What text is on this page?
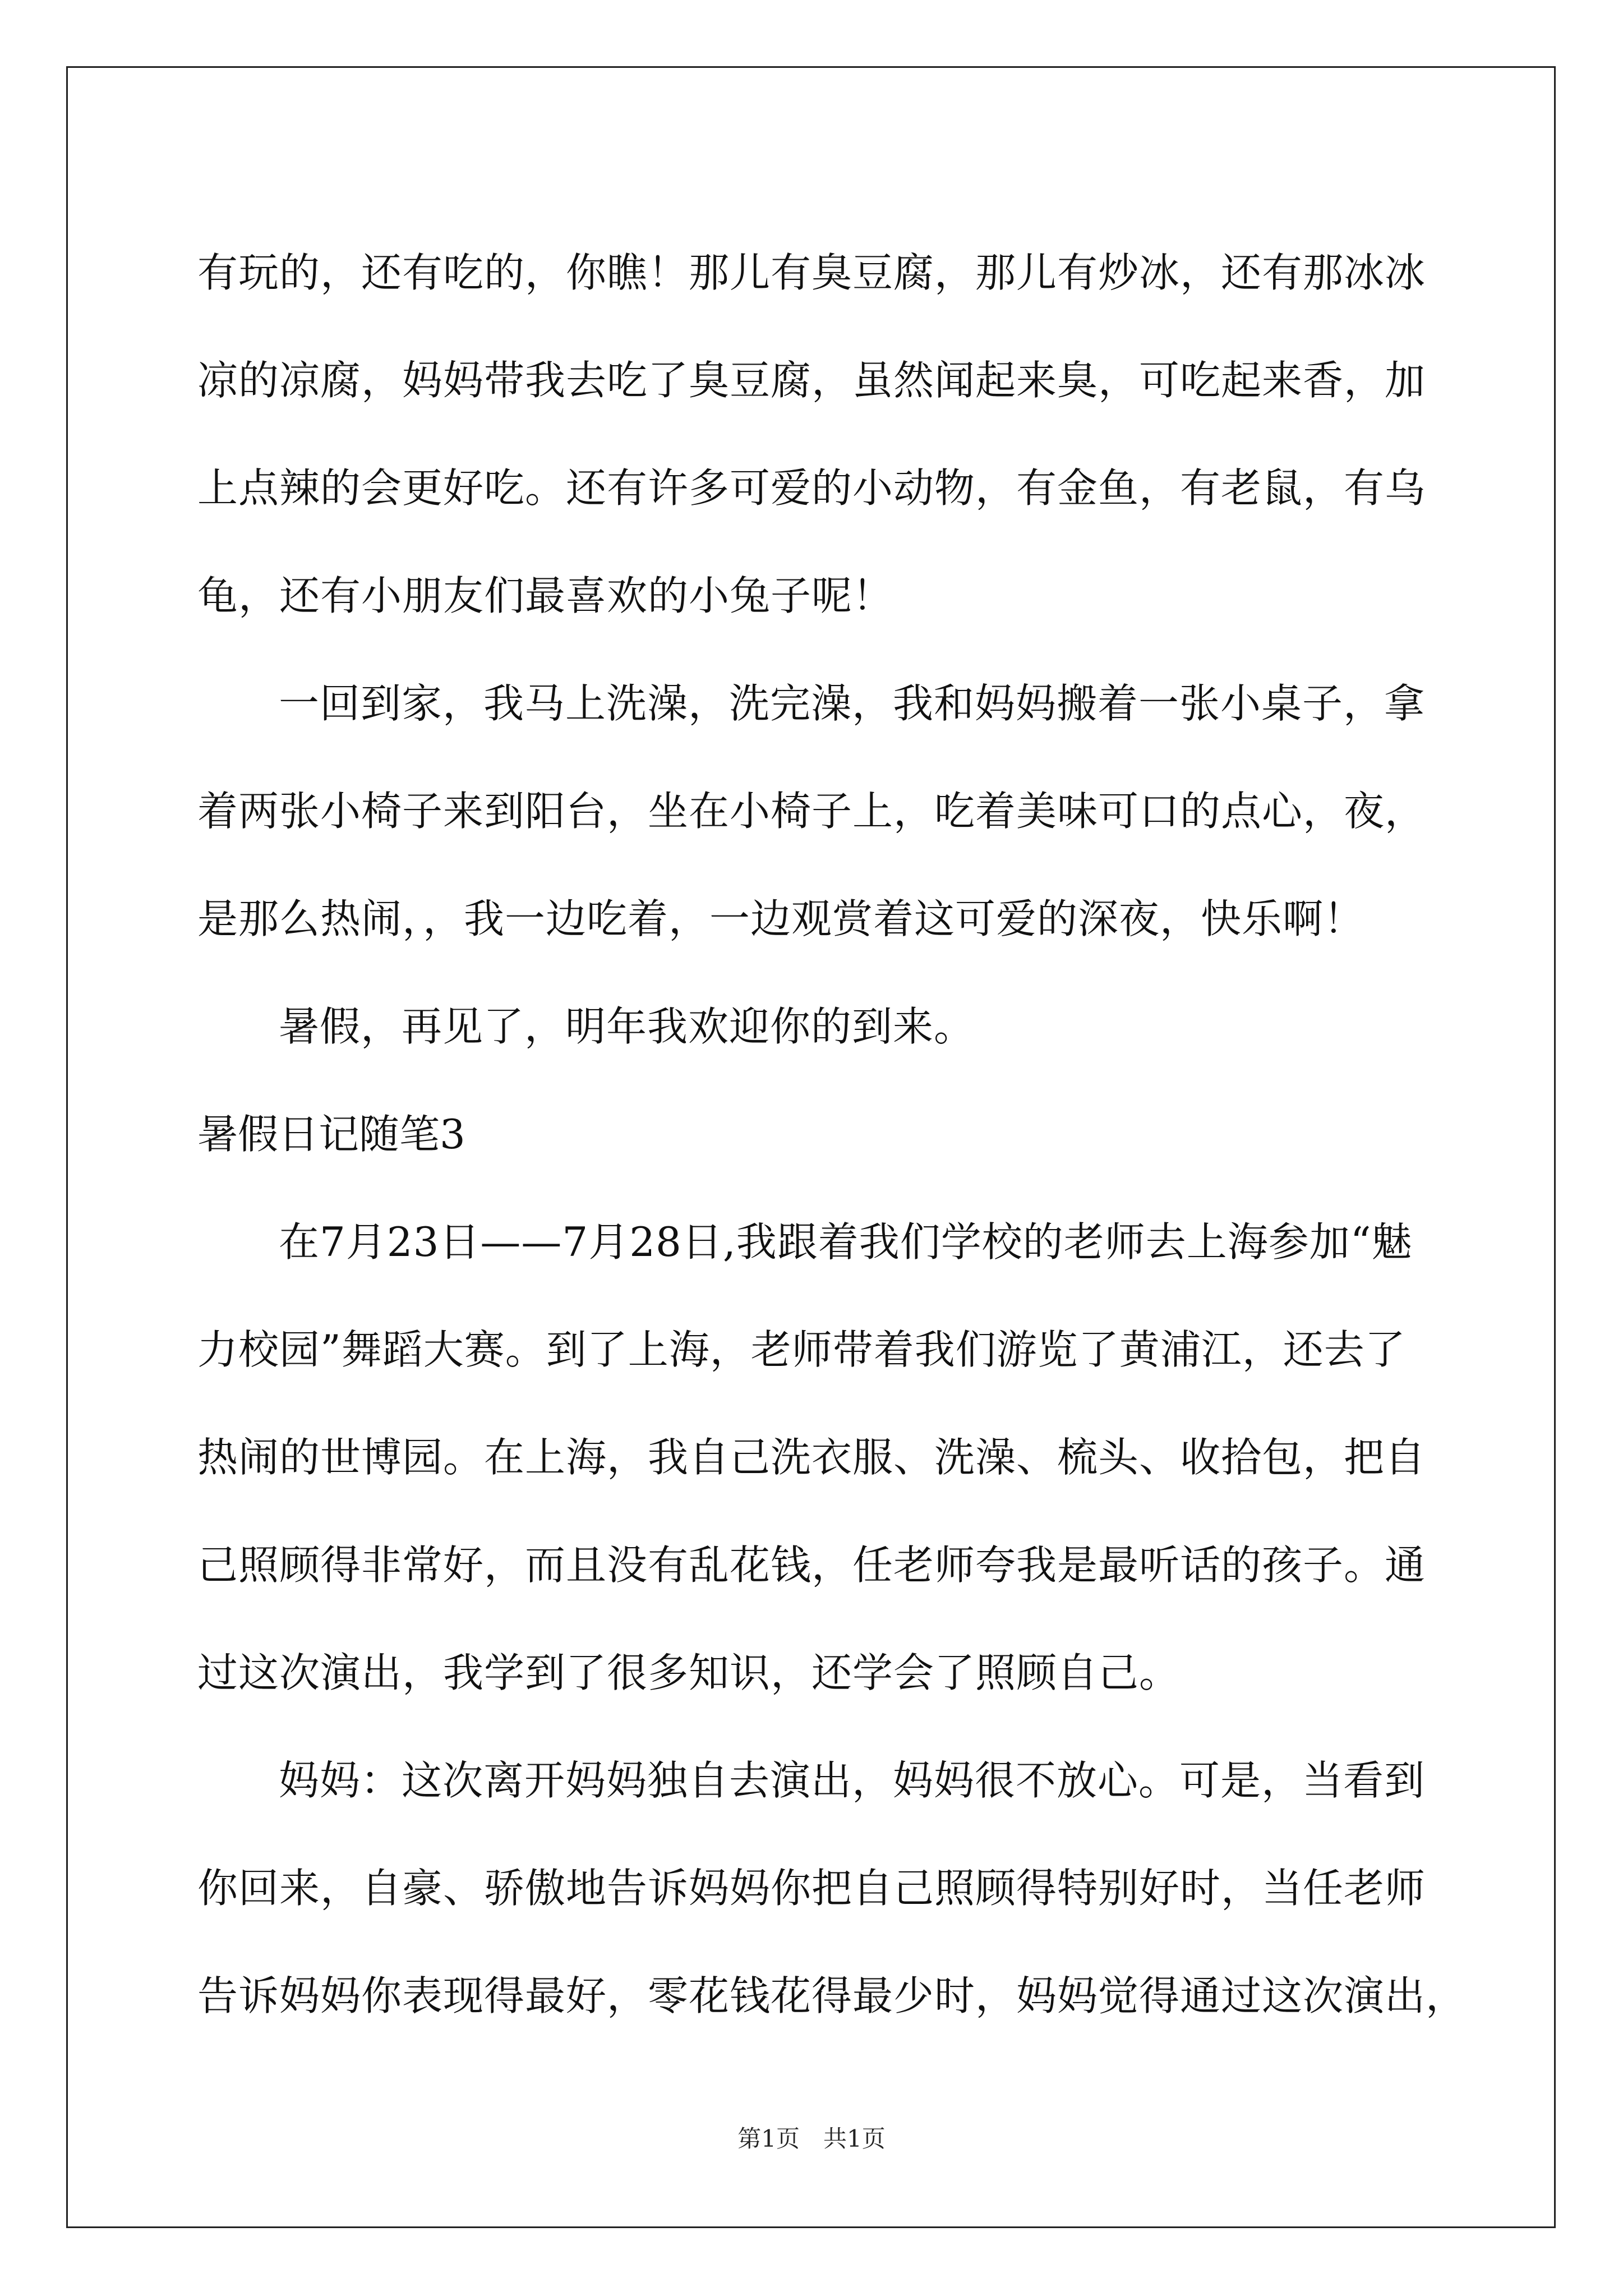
有玩的，还有吃的，你瞧！那儿有臭豆腐，那儿有炒冰，还有那冰冰
凉的凉腐，妈妈带我去吃了臭豆腐，虽然闻起来臭，可吃起来香，加
上点辣的会更好吃。还有许多可爱的小动物，有金鱼，有老鼠，有乌
龟，还有小朋友们最喜欢的小兔子呢！
一回到家，我马上洗澡，洗完澡，我和妈妈搬着一张小桌子，拿
着两张小椅子来到阳台，坐在小椅子上，吃着美味可口的点心，夜，
是那么热闹，，我一边吃着，一边观赏着这可爱的深夜，快乐啊！
暑假，再见了，明年我欢迎你的到来。
暑假日记随笔3
在7月23日——7月28日,我跟着我们学校的老师去上海参加“魅
力校园”舞蹈大赛。到了上海，老师带着我们游览了黄浦江，还去了
热闹的世博园。在上海，我自己洗衣服、洗澡、梳头、收拾包，把自
己照顾得非常好，而且没有乱花钱，任老师夸我是最听话的孩子。通
过这次演出，我学到了很多知识，还学会了照顾自己。
妈妈：这次离开妈妈独自去演出，妈妈很不放心。可是，当看到
你回来，自豪、骄傲地告诉妈妈你把自己照顾得特别好时，当任老师
告诉妈妈你表现得最好，零花钱花得最少时，妈妈觉得通过这次演出，
第1页　共1页
